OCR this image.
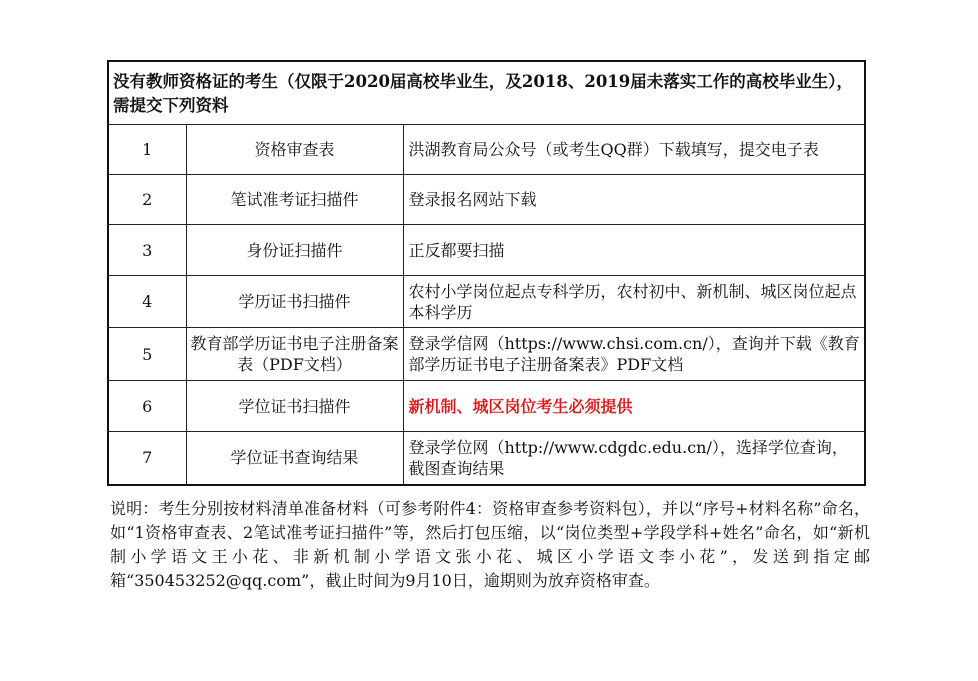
没有教师资格证的考生（仅限于2020届高校毕业生，及2018、2019届未落实工作的高校毕业生），需提交下列资料		
1	资格审查表	洪湖教育局公众号（或考生QQ群）下载填写，提交电子表
2	笔试准考证扫描件	登录报名网站下载
3	身份证扫描件	正反都要扫描
4	学历证书扫描件	农村小学岗位起点专科学历，农村初中、新机制、城区岗位起点本科学历
5	教育部学历证书电子注册备案表（PDF文档）	登录学信网（https://www.chsi.com.cn/），查询并下载《教育部学历证书电子注册备案表》PDF文档
6	学位证书扫描件	新机制、城区岗位考生必须提供
7	学位证书查询结果	登录学位网（http://www.cdgdc.edu.cn/），选择学位查询，截图查询结果

说明：考生分别按材料清单准备材料（可参考附件4：资格审查参考资料包），并以“序号+材料名称”命名，如“1资格审查表、2笔试准考证扫描件”等，然后打包压缩，以“岗位类型+学段学科+姓名”命名，如“新机制小学语文王小花、非新机制小学语文张小花、城区小学语文李小花”，发送到指定邮箱“350453252@qq.com”，截止时间为9月10日，逾期则为放弃资格审查。
